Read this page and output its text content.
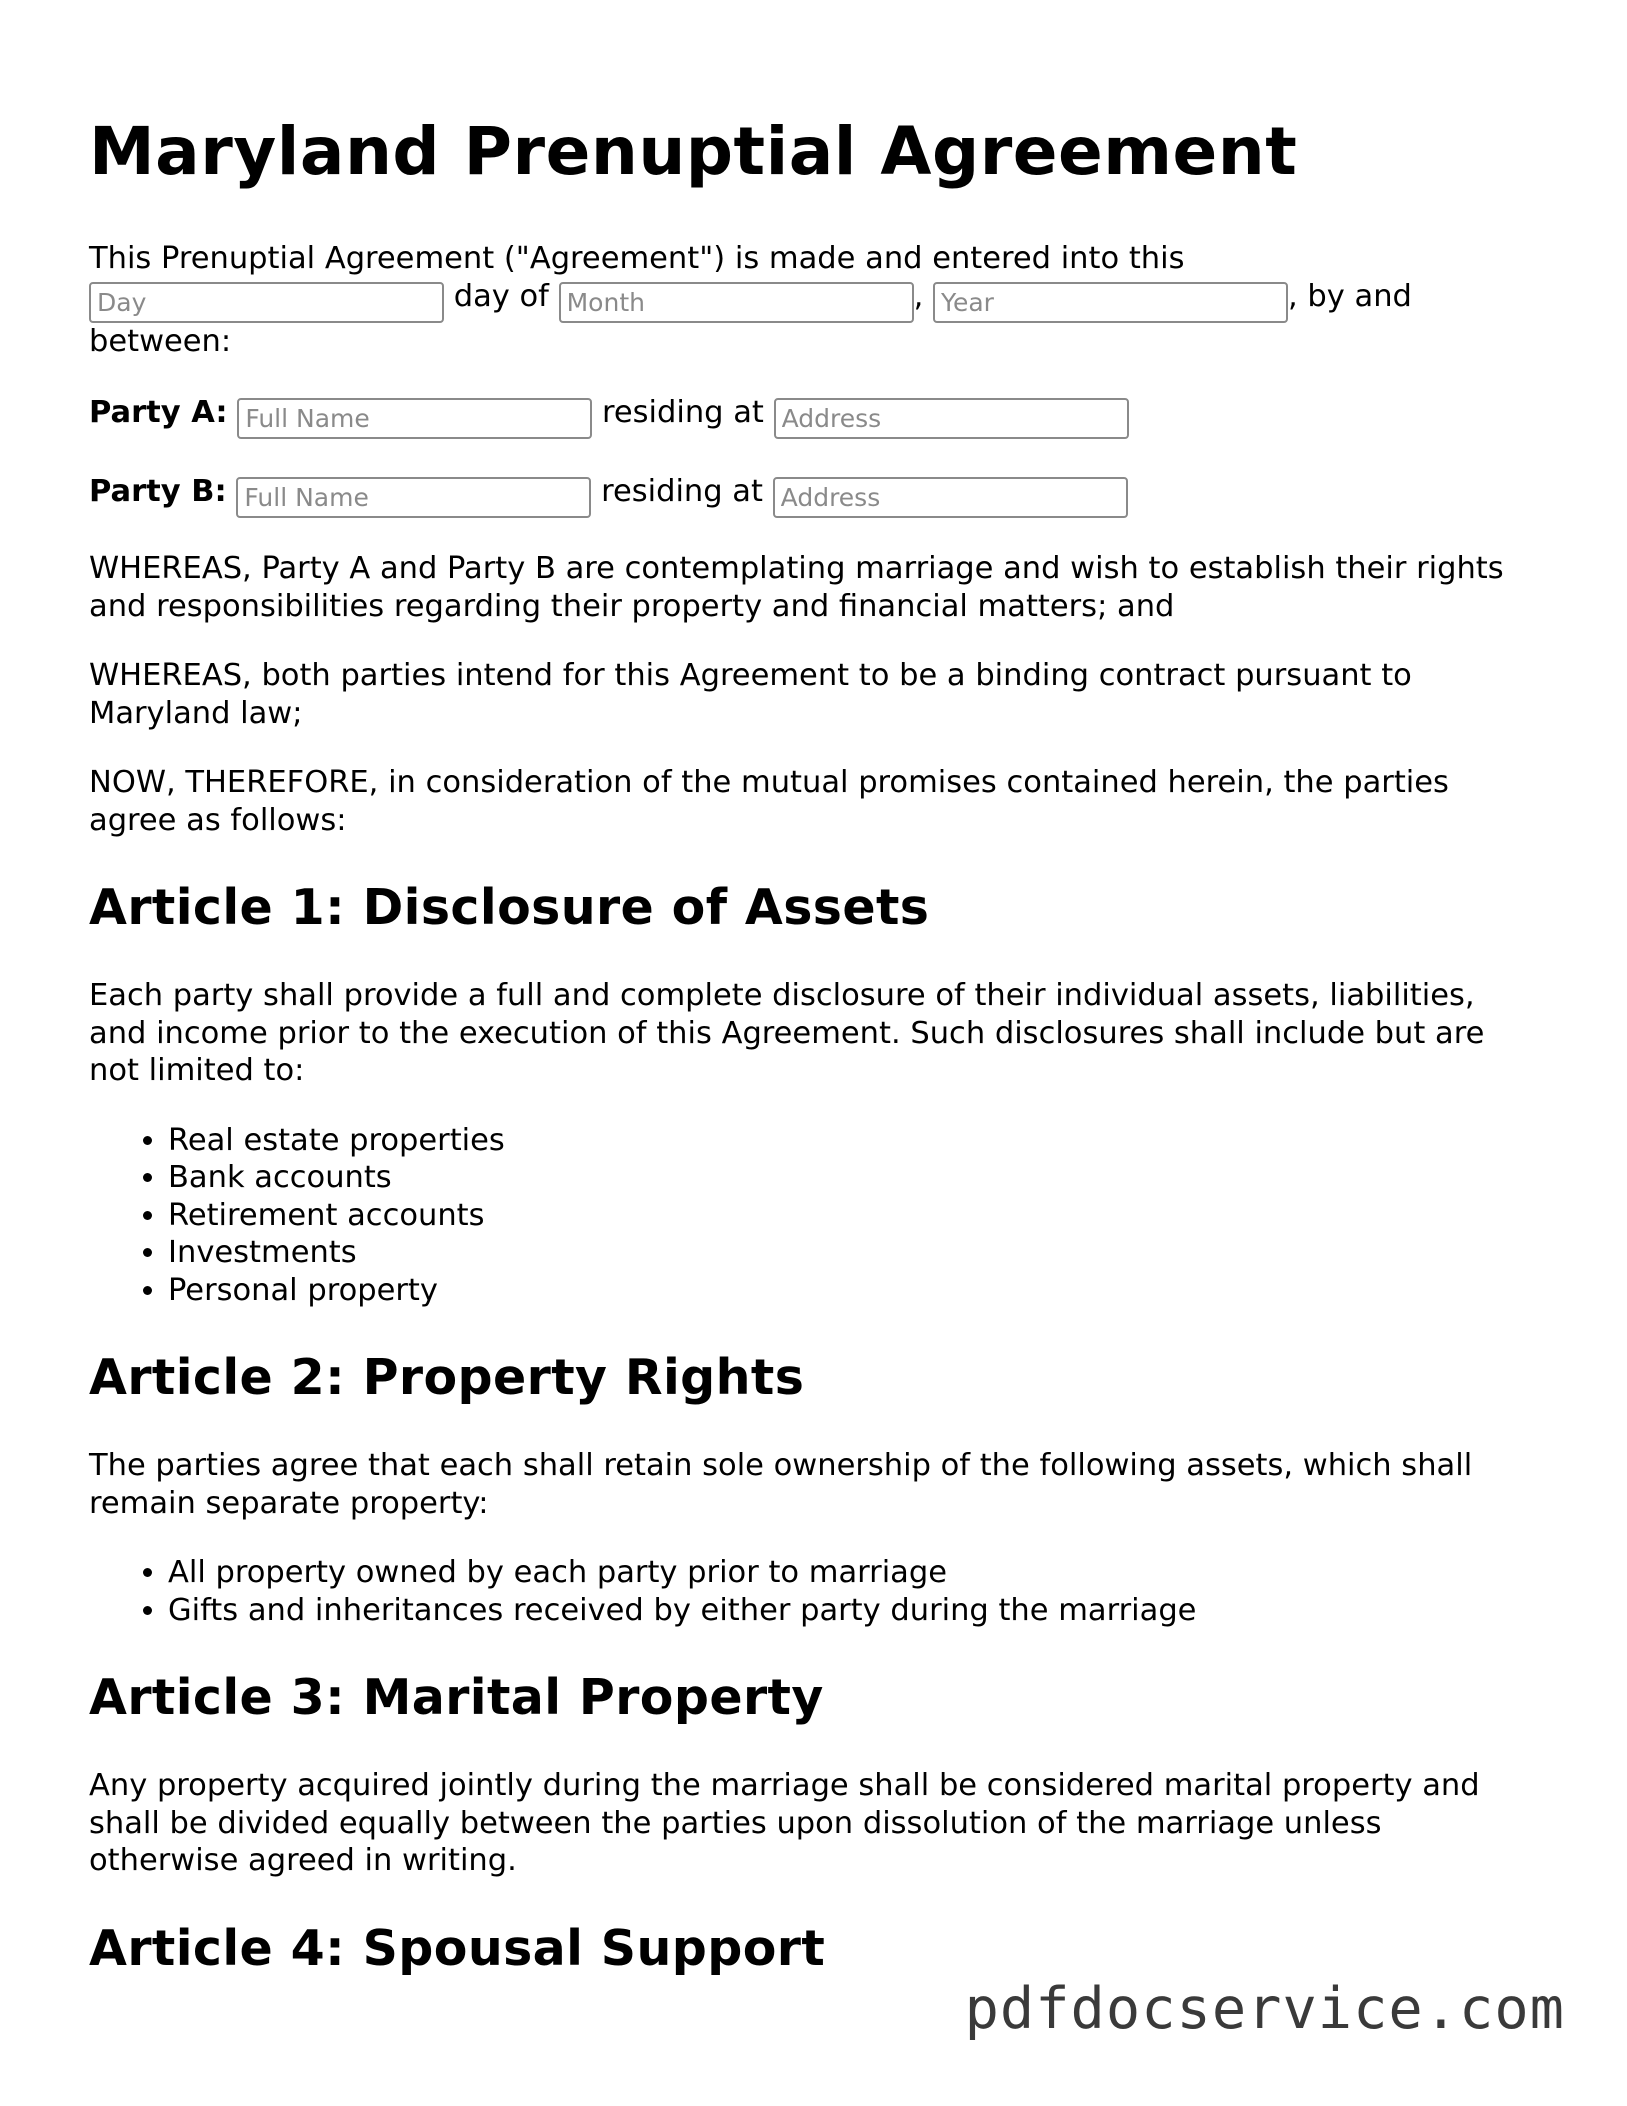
Maryland Prenuptial Agreement

This Prenuptial Agreement ("Agreement") is made and entered into this
Day day of Month	, Year	, by and
between:

Party A: Full Name	residing at Address

Party B: Full Name	residing at Address

WHEREAS, Party A and Party B are contemplating marriage and wish to establish their rights and responsibilities regarding their property and financial matters; and

WHEREAS, both parties intend for this Agreement to be a binding contract pursuant to Maryland law;

NOW, THEREFORE, in consideration of the mutual promises contained herein, the parties agree as follows:

Article 1: Disclosure of Assets

Each party shall provide a full and complete disclosure of their individual assets, liabilities, and income prior to the execution of this Agreement. Such disclosures shall include but are not limited to:

• Real estate properties
• Bank accounts
• Retirement accounts
• Investments
• Personal property
Article 2: Property Rights

The parties agree that each shall retain sole ownership of the following assets, which shall remain separate property:

• All property owned by each party prior to marriage
• Gifts and inheritances received by either party during the marriage
Article 3: Marital Property

Any property acquired jointly during the marriage shall be considered marital property and shall be divided equally between the parties upon dissolution of the marriage unless otherwise agreed in writing.

Article 4: Spousal Support
pdfdocservice.com
